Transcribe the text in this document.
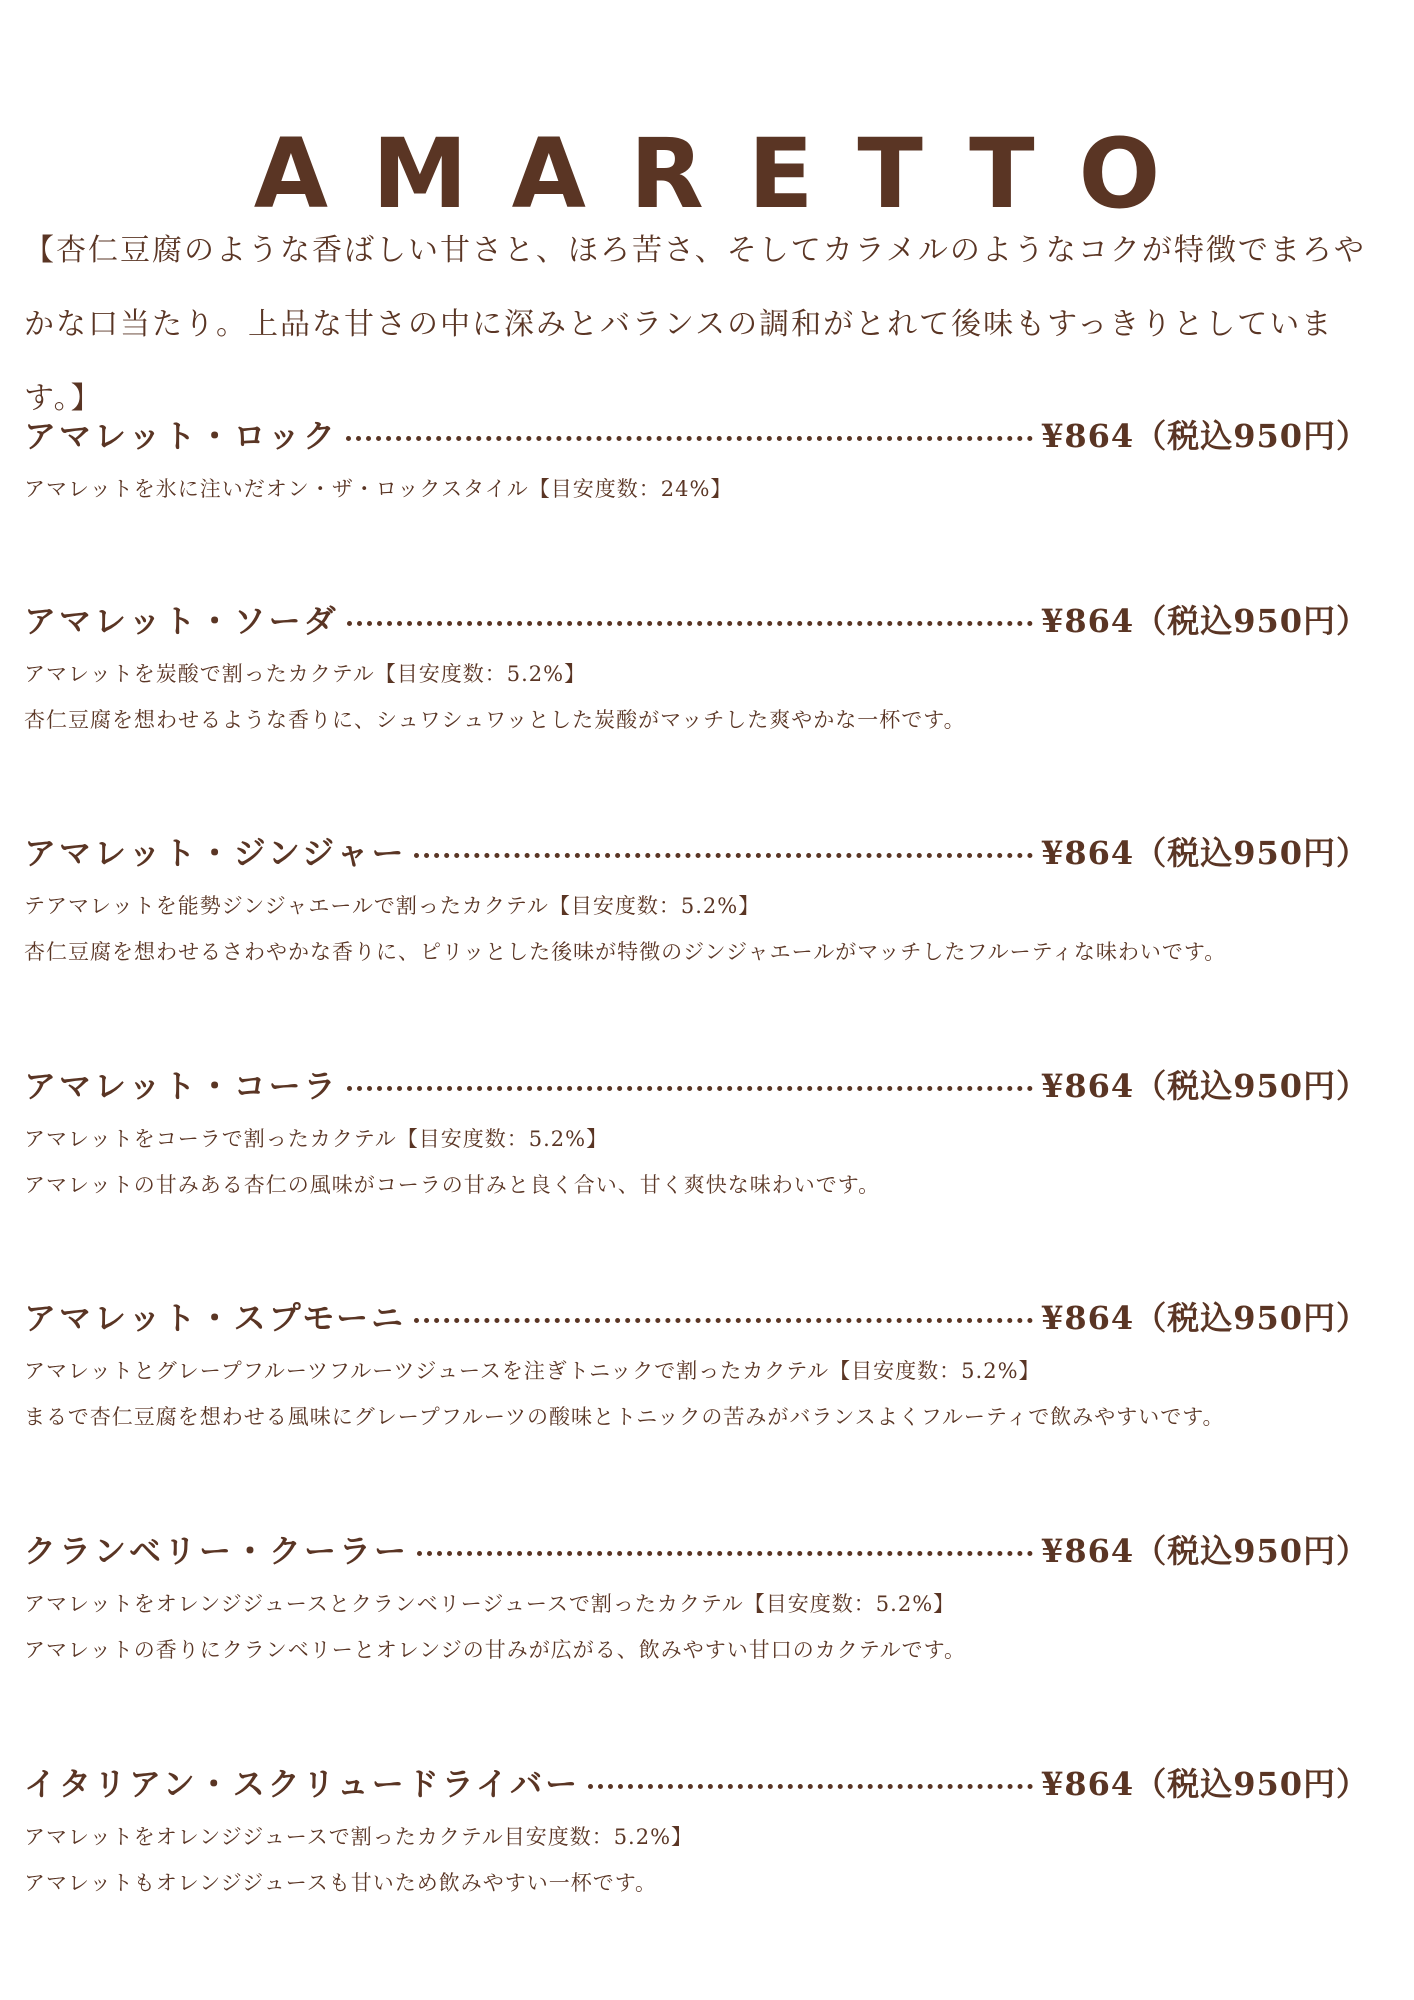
AMARETTO

【杏仁豆腐のような香ばしい甘さと、ほろ苦さ、そしてカラメルのようなコクが特徴でまろやかな口当たり。上品な甘さの中に深みとバランスの調和がとれて後味もすっきりとしています。】

アマレット・ロック	¥864（税込950円）

アマレットを氷に注いだオン・ザ・ロックスタイル【目安度数：24%】

アマレット・ソーダ	¥864（税込950円）

アマレットを炭酸で割ったカクテル【目安度数：5.2%】

杏仁豆腐を想わせるような香りに、シュワシュワッとした炭酸がマッチした爽やかな一杯です。

アマレット・ジンジャー	¥864（税込950円）

テアマレットを能勢ジンジャエールで割ったカクテル【目安度数：5.2%】

杏仁豆腐を想わせるさわやかな香りに、ピリッとした後味が特徴のジンジャエールがマッチしたフルーティな味わいです。

アマレット・コーラ	¥864（税込950円）

アマレットをコーラで割ったカクテル【目安度数：5.2%】

アマレットの甘みある杏仁の風味がコーラの甘みと良く合い、甘く爽快な味わいです。

アマレット・スプモーニ	¥864（税込950円）

アマレットとグレープフルーツフルーツジュースを注ぎトニックで割ったカクテル【目安度数：5.2%】

まるで杏仁豆腐を想わせる風味にグレープフルーツの酸味とトニックの苦みがバランスよくフルーティで飲みやすいです。

クランベリー・クーラー	¥864（税込950円）

アマレットをオレンジジュースとクランベリージュースで割ったカクテル【目安度数：5.2%】

アマレットの香りにクランベリーとオレンジの甘みが広がる、飲みやすい甘口のカクテルです。

イタリアン・スクリュードライバー	¥864（税込950円）

アマレットをオレンジジュースで割ったカクテル目安度数：5.2%】

アマレットもオレンジジュースも甘いため飲みやすい一杯です。
